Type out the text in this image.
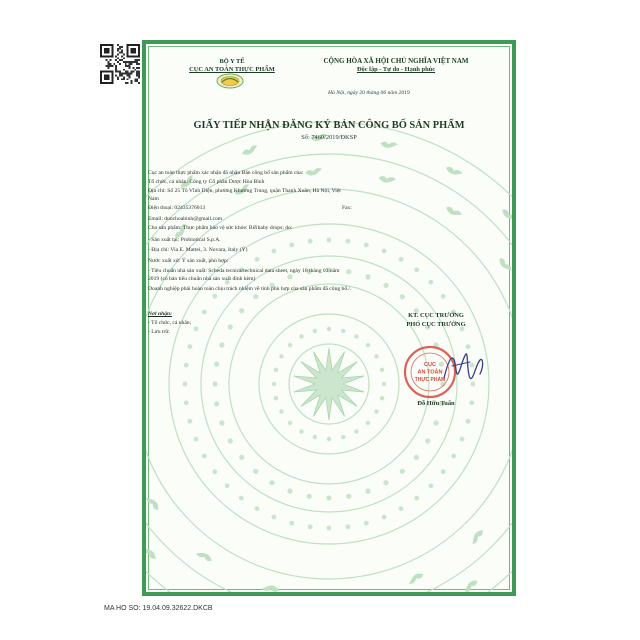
BỘ Y TẾ
CỤC AN TOÀN THỰC PHẨM
CỘNG HÒA XÃ HỘI CHỦ NGHĨA VIỆT NAM
Độc lập - Tự do - Hạnh phúc
Hà Nội, ngày 20 tháng 06 năm 2019
GIẤY TIẾP NHẬN ĐĂNG KÝ BẢN CÔNG BỐ SẢN PHẨM
Số: 7460/2019/ĐKSP
Cục an toàn thực phẩm xác nhận đã nhận Bản công bố sản phẩm của:
Tổ chức, cá nhân: Công ty Cổ phần Dược Hòa Bình
Địa chỉ: Số 25 Tô Vĩnh Diện, phường Khương Trung, quận Thanh Xuân, Hà Nội, Việt
Nam
Điện thoại: 02435376013	Fax:
Email: duochoabinh@gmail.com
Cho sản phẩm: Thực phẩm bảo vệ sức khỏe: Bifibaby drops; do:
- Sản xuất tại: Probiotical S.p.A.
- Địa chỉ: Via E. Mattei, 3. Novara, Italy (Ý)
Nước xuất xứ: Ý sản xuất, phù hợp:
- Tiêu chuẩn nhà sản xuất: Scheda tecnica/technical data sheet, ngày 18 tháng 03 năm
2019 (có bản tiêu chuẩn nhà sản xuất đính kèm)
Doanh nghiệp phải hoàn toàn chịu trách nhiệm về tính phù hợp của sản phẩm đã công bố./.
Nơi nhận:
- Tổ chức, cá nhân;
- Lưu trữ.
KT. CỤC TRƯỞNG
PHÓ CỤC TRƯỞNG
CỤC
AN TOÀN
THỰC PHẨM
Đỗ Hữu Tuấn
MA HO SO: 19.04.09.32622.DKCB
